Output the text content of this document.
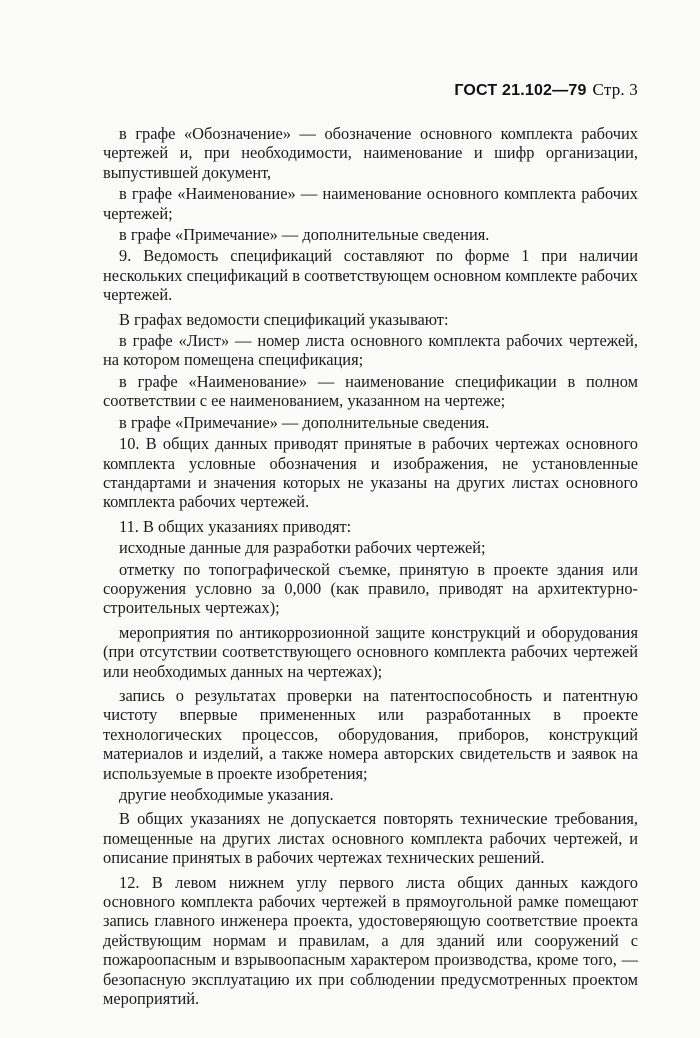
ГОСТ 21.102—79 Стр. 3

в графе «Обозначение» — обозначение основного комплекта рабочих чертежей и, при необходимости, наименование и шифр организации, выпустившей документ,

в графе «Наименование» — наименование основного комплекта рабочих чертежей;

в графе «Примечание» — дополнительные сведения.

9. Ведомость спецификаций составляют по форме 1 при наличии нескольких спецификаций в соответствующем основном комплекте рабочих чертежей.

В графах ведомости спецификаций указывают:

в графе «Лист» — номер листа основного комплекта рабочих чертежей, на котором помещена спецификация;

в графе «Наименование» — наименование спецификации в полном соответствии с ее наименованием, указанном на чертеже;

в графе «Примечание» — дополнительные сведения.

10. В общих данных приводят принятые в рабочих чертежах основного комплекта условные обозначения и изображения, не установленные стандартами и значения которых не указаны на других листах основного комплекта рабочих чертежей.

11. В общих указаниях приводят:

исходные данные для разработки рабочих чертежей;

отметку по топографической съемке, принятую в проекте здания или сооружения условно за 0,000 (как правило, приводят на архитектурно-строительных чертежах);

мероприятия по антикоррозионной защите конструкций и оборудования (при отсутствии соответствующего основного комплекта рабочих чертежей или необходимых данных на чертежах);

запись о результатах проверки на патентоспособность и патентную чистоту впервые примененных или разработанных в проекте технологических процессов, оборудования, приборов, конструкций материалов и изделий, а также номера авторских свидетельств и заявок на используемые в проекте изобретения;

другие необходимые указания.

В общих указаниях не допускается повторять технические требования, помещенные на других листах основного комплекта рабочих чертежей, и описание принятых в рабочих чертежах технических решений.

12. В левом нижнем углу первого листа общих данных каждого основного комплекта рабочих чертежей в прямоугольной рамке помещают запись главного инженера проекта, удостоверяющую соответствие проекта действующим нормам и правилам, а для зданий или сооружений с пожароопасным и взрывоопасным характером производства, кроме того, — безопасную эксплуатацию их при соблюдении предусмотренных проектом мероприятий.
